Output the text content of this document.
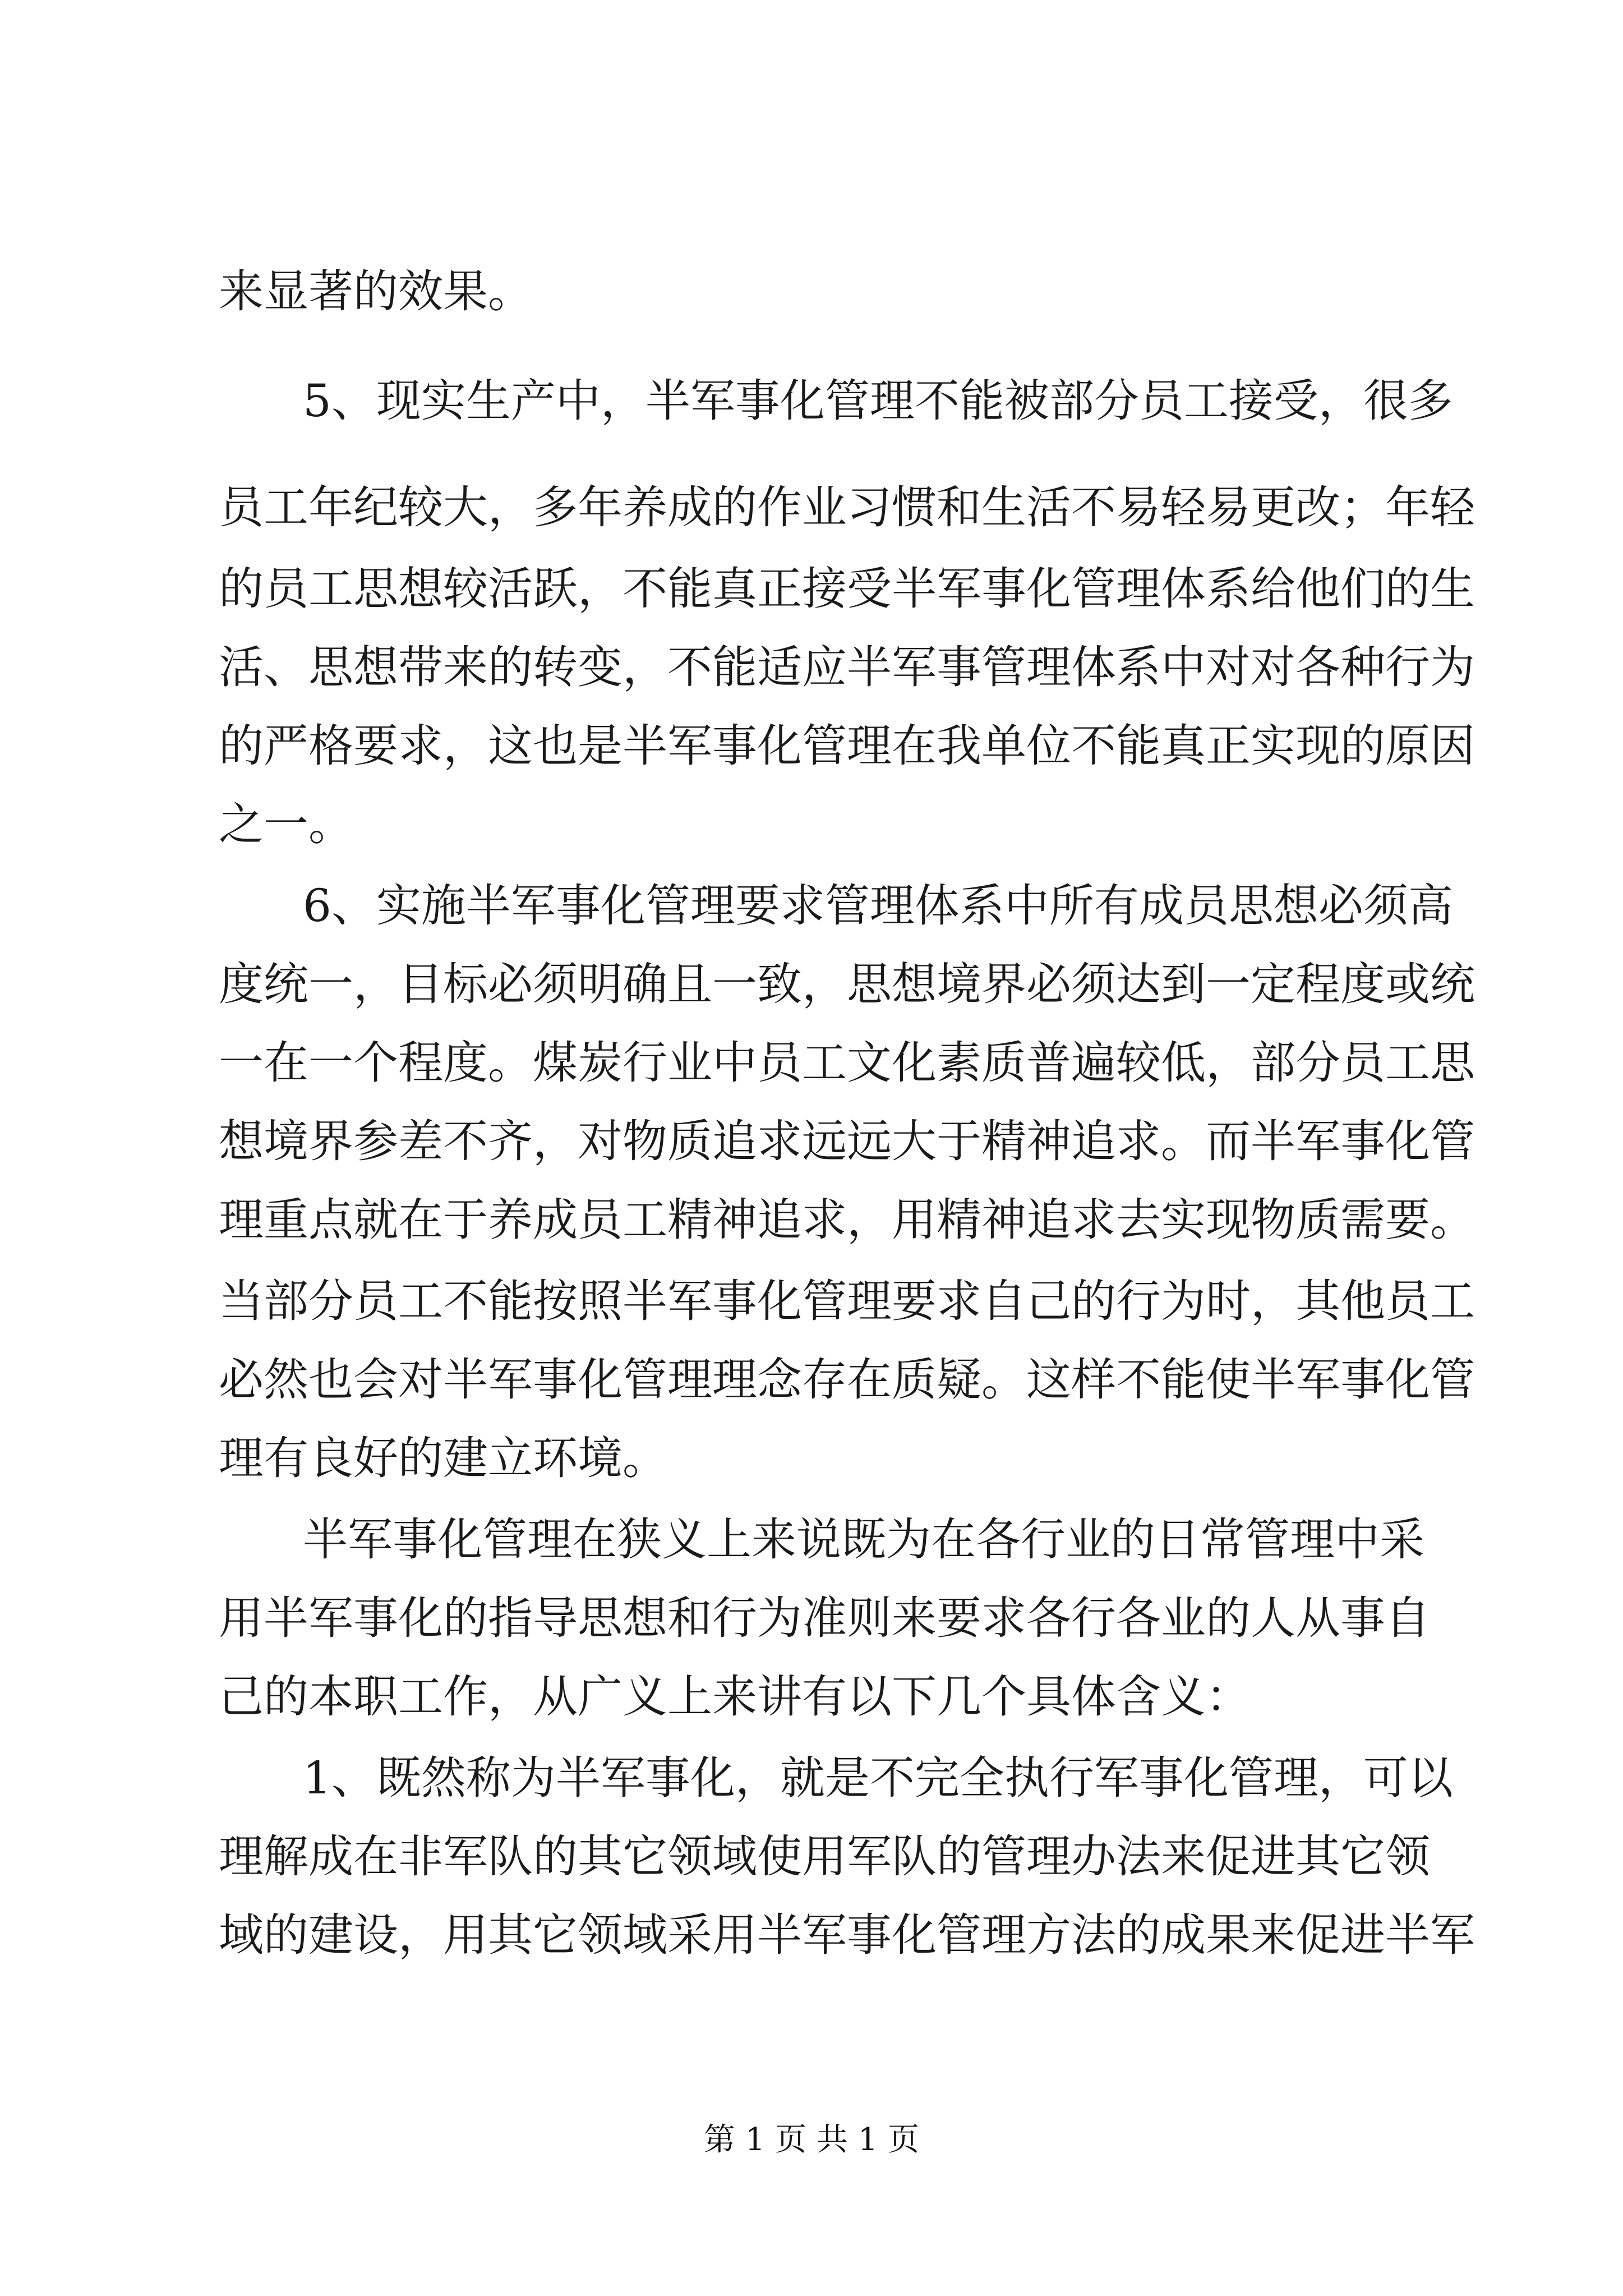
来显著的效果。
5、现实生产中，半军事化管理不能被部分员工接受，很多
员工年纪较大，多年养成的作业习惯和生活不易轻易更改；年轻
的员工思想较活跃，不能真正接受半军事化管理体系给他们的生
活、思想带来的转变，不能适应半军事管理体系中对对各种行为
的严格要求，这也是半军事化管理在我单位不能真正实现的原因
之一。
6、实施半军事化管理要求管理体系中所有成员思想必须高
度统一，目标必须明确且一致，思想境界必须达到一定程度或统
一在一个程度。煤炭行业中员工文化素质普遍较低，部分员工思
想境界参差不齐，对物质追求远远大于精神追求。而半军事化管
理重点就在于养成员工精神追求，用精神追求去实现物质需要。
当部分员工不能按照半军事化管理要求自己的行为时，其他员工
必然也会对半军事化管理理念存在质疑。这样不能使半军事化管
理有良好的建立环境。
半军事化管理在狭义上来说既为在各行业的日常管理中采
用半军事化的指导思想和行为准则来要求各行各业的人从事自
己的本职工作，从广义上来讲有以下几个具体含义：
1、既然称为半军事化，就是不完全执行军事化管理，可以
理解成在非军队的其它领域使用军队的管理办法来促进其它领
域的建设，用其它领域采用半军事化管理方法的成果来促进半军
第 1 页 共 1 页
